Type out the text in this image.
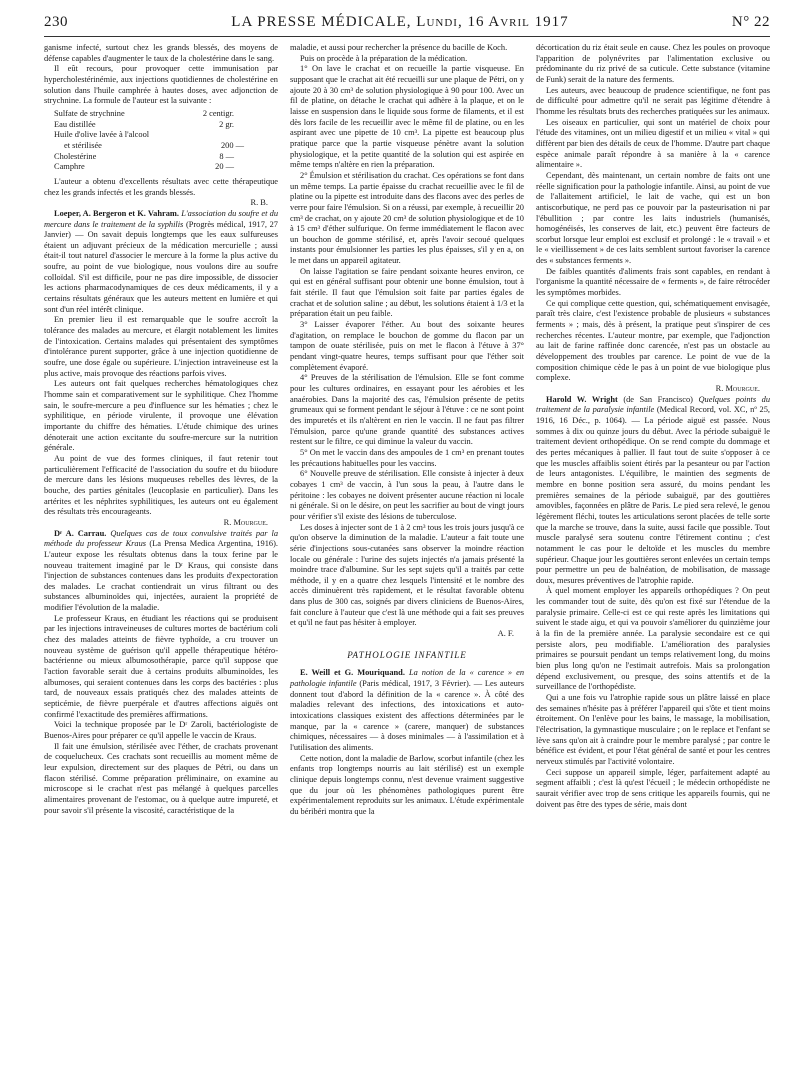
230	LA PRESSE MÉDICALE, Lundi, 16 Avril 1917	N° 22

ganisme infecté, surtout chez les grands blessés, des moyens de défense capables d'augmenter le taux de la cholestérine dans le sang.

Il eût recours, pour provoquer cette immunisation par hypercholestérinémie, aux injections quotidiennes de cholestérine en solution dans l'huile camphrée à hautes doses, avec adjonction de strychnine. La formule de l'auteur est la suivante :

Sulfate de strychnine	2 centigr.
Eau distillée	2 gr.
Huile d'olive lavée à l'alcool
et stérilisée	200 —
Cholestérine	8 —
Camphre	20 —

L'auteur a obtenu d'excellents résultats avec cette thérapeutique chez les grands infectés et les grands blessés.

R. B.

Loeper, A. Bergeron et K. Vahram. L'association du soufre et du mercure dans le traitement de la syphilis (Progrès médical, 1917, 27 Janvier) — On savait depuis longtemps que les eaux sulfureuses étaient un adjuvant précieux de la médication mercurielle ; aussi était-il tout naturel d'associer le mercure à la forme la plus active du soufre, au point de vue biologique, nous voulons dire au soufre colloïdal. S'il est difficile, pour ne pas dire impossible, de dissocier les actions pharmacodynamiques de ces deux médicaments, il y a certains résultats généraux que les auteurs mettent en lumière et qui sont d'un réel intérêt clinique.

En premier lieu il est remarquable que le soufre accroît la tolérance des malades au mercure, et élargit notablement les limites de l'intoxication. Certains malades qui présentaient des symptômes d'intolérance purent supporter, grâce à une injection quotidienne de soufre, une dose égale ou supérieure. L'injection intraveineuse est la plus active, mais provoque des réactions parfois vives.

Les auteurs ont fait quelques recherches hématologiques chez l'homme sain et comparativement sur le syphilitique. Chez l'homme sain, le soufre-mercure a peu d'influence sur les hématies ; chez le syphilitique, en période virulente, il provoque une élévation importante du chiffre des hématies. L'étude chimique des urines dénoterait une action excitante du soufre-mercure sur la nutrition générale.

Au point de vue des formes cliniques, il faut retenir tout particulièrement l'efficacité de l'association du soufre et du biiodure de mercure dans les lésions muqueuses rebelles des lèvres, de la bouche, des parties génitales (leucoplasie en particulier). Dans les artérites et les néphrites syphilitiques, les auteurs ont eu également des résultats très encourageants.

R. Mourgue.

Dʳ A. Carrau. Quelques cas de toux convulsive traités par la méthode du professeur Kraus (La Prensa Medica Argentina, 1916). L'auteur expose les résultats obtenus dans la toux ferine par le nouveau traitement imaginé par le Dʳ Kraus, qui consiste dans l'injection de substances contenues dans les produits d'expectoration des malades. Le crachat contiendrait un virus filtrant ou des substances albuminoïdes qui, injectées, auraient la propriété de modifier l'évolution de la maladie.

Le professeur Kraus, en étudiant les réactions qui se produisent par les injections intraveineuses de cultures mortes de bactérium coli chez des malades atteints de fièvre typhoïde, a cru trouver un nouveau système de guérison qu'il appelle thérapeutique hétéro-bactérienne ou mieux albumosothérapie, parce qu'il suppose que l'action favorable serait due à certains produits albuminoïdes, les albumoses, qui seraient contenues dans les corps des bactéries : plus tard, de nouveaux essais pratiqués chez des malades atteints de septicémie, de fièvre puerpérale et d'autres affections aiguës ont confirmé l'exactitude des premières affirmations.

Voici la technique proposée par le Dʳ Zaroli, bactériologiste de Buenos-Aires pour préparer ce qu'il appelle le vaccin de Kraus.

Il fait une émulsion, stérilisée avec l'éther, de crachats provenant de coquelucheux. Ces crachats sont recueillis au moment même de leur expulsion, directement sur des plaques de Pétri, ou dans un flacon stérilisé. Comme préparation préliminaire, on examine au microscope si le crachat n'est pas mélangé à quelques parcelles alimentaires provenant de l'estomac, ou à quelque autre impureté, et pour savoir s'il présente la viscosité, caractéristique de la

maladie, et aussi pour rechercher la présence du bacille de Koch.

Puis on procède à la préparation de la médication.

1° On lave le crachat et on recueille la partie visqueuse. En supposant que le crachat ait été recueilli sur une plaque de Pétri, on y ajoute 20 à 30 cm³ de solution physiologique à 90 pour 100. Avec un fil de platine, on détache le crachat qui adhère à la plaque, et on le laisse en suspension dans le liquide sous forme de filaments, et il est dès lors facile de les recueillir avec le même fil de platine, ou en les aspirant avec une pipette de 10 cm³. La pipette est beaucoup plus pratique parce que la partie visqueuse pénètre avant la solution physiologique, et la petite quantité de la solution qui est aspirée en même temps n'altère en rien la préparation.

2° Émulsion et stérilisation du crachat. Ces opérations se font dans un même temps. La partie épaisse du crachat recueillie avec le fil de platine ou la pipette est introduite dans des flacons avec des perles de verre pour faire l'émulsion. Si on a réussi, par exemple, à recueillir 20 cm³ de crachat, on y ajoute 20 cm³ de solution physiologique et de 10 à 15 cm³ d'éther sulfurique. On ferme immédiatement le flacon avec un bouchon de gomme stérilisé, et, après l'avoir secoué quelques instants pour émulsionner les parties les plus épaisses, s'il y en a, on le met dans un appareil agitateur.

On laisse l'agitation se faire pendant soixante heures environ, ce qui est en général suffisant pour obtenir une bonne émulsion, tout à fait stérile. Il faut que l'émulsion soit faite par parties égales de crachat et de solution saline ; au début, les solutions étaient à 1/3 et la préparation était un peu faible.

3° Laisser évaporer l'éther. Au bout des soixante heures d'agitation, on remplace le bouchon de gomme du flacon par un tampon de ouate stérilisée, puis on met le flacon à l'étuve à 37° pendant vingt-quatre heures, temps suffisant pour que l'éther soit complètement évaporé.

4° Preuves de la stérilisation de l'émulsion. Elle se font comme pour les cultures ordinaires, en essayant pour les aérobies et les anaérobies. Dans la majorité des cas, l'émulsion présente de petits grumeaux qui se forment pendant le séjour à l'étuve : ce ne sont point des impuretés et ils n'altèrent en rien le vaccin. Il ne faut pas filtrer l'émulsion, parce qu'une grande quantité des substances actives restent sur le filtre, ce qui diminue la valeur du vaccin.

5° On met le vaccin dans des ampoules de 1 cm³ en prenant toutes les précautions habituelles pour les vaccins.

6° Nouvelle preuve de stérilisation. Elle consiste à injecter à deux cobayes 1 cm³ de vaccin, à l'un sous la peau, à l'autre dans le péritoine : les cobayes ne doivent présenter aucune réaction ni locale ni générale. Si on le désire, on peut les sacrifier au bout de vingt jours pour vérifier s'il existe des lésions de tuberculose.

Les doses à injecter sont de 1 à 2 cm³ tous les trois jours jusqu'à ce qu'on observe la diminution de la maladie. L'auteur a fait toute une série d'injections sous-cutanées sans observer la moindre réaction locale ou générale : l'urine des sujets injectés n'a jamais présenté la moindre trace d'albumine. Sur les sept sujets qu'il a traités par cette méthode, il y en a quatre chez lesquels l'intensité et le nombre des accès diminuèrent très rapidement, et le résultat favorable obtenu dans plus de 300 cas, soignés par divers cliniciens de Buenos-Aires, fait conclure à l'auteur que c'est là une méthode qui a fait ses preuves et qu'il ne faut pas hésiter à employer.

A. F.
PATHOLOGIE INFANTILE

E. Weill et G. Mouriquand. La notion de la « carence » en pathologie infantile (Paris médical, 1917, 3 Février). — Les auteurs donnent tout d'abord la définition de la « carence ». À côté des maladies relevant des infections, des intoxications et auto-intoxications classiques existent des affections déterminées par le manque, par la « carence » (carere, manquer) de substances chimiques, nécessaires — à doses minimales — à l'assimilation et à l'utilisation des aliments.

Cette notion, dont la maladie de Barlow, scorbut infantile (chez les enfants trop longtemps nourris au lait stérilisé) est un exemple clinique depuis longtemps connu, n'est devenue vraiment suggestive que du jour où les phénomènes pathologiques purent être expérimentalement reproduits sur les animaux. L'étude expérimentale du béribéri montra que la

décortication du riz était seule en cause. Chez les poules on provoque l'apparition de polynévrites par l'alimentation exclusive ou prédominante du riz privé de sa cuticule. Cette substance (vitamine de Funk) serait de la nature des ferments.

Les auteurs, avec beaucoup de prudence scientifique, ne font pas de difficulté pour admettre qu'il ne serait pas légitime d'étendre à l'homme les résultats bruts des recherches pratiquées sur les animaux.

Les oiseaux en particulier, qui sont un matériel de choix pour l'étude des vitamines, ont un milieu digestif et un milieu « vital » qui diffèrent par bien des détails de ceux de l'homme. D'autre part chaque espèce animale paraît répondre à sa manière à la « carence alimentaire ».

Cependant, dès maintenant, un certain nombre de faits ont une réelle signification pour la pathologie infantile. Ainsi, au point de vue de l'allaitement artificiel, le lait de vache, qui est un bon antiscorbutique, ne perd pas ce pouvoir par la pasteurisation ni par l'ébullition ; par contre les laits industriels (humanisés, homogénéisés, les conserves de lait, etc.) peuvent être facteurs de scorbut lorsque leur emploi est exclusif et prolongé : le « travail » et le « vieillissement » de ces laits semblent surtout favoriser la carence des « substances ferments ».

De faibles quantités d'aliments frais sont capables, en rendant à l'organisme la quantité nécessaire de « ferments », de faire rétrocéder les symptômes morbides.

Ce qui complique cette question, qui, schématiquement envisagée, paraît très claire, c'est l'existence probable de plusieurs « substances ferments » ; mais, dès à présent, la pratique peut s'inspirer de ces recherches récentes. L'auteur montre, par exemple, que l'adjonction au lait de farine raffinée donc carencée, n'est pas un obstacle au développement des troubles par carence. Le point de vue de la composition chimique cède le pas à un point de vue biologique plus complexe.

R. Mourgue.

Harold W. Wright (de San Francisco) Quelques points du traitement de la paralysie infantile (Medical Record, vol. XC, nº 25, 1916, 16 Déc., p. 1064). — La période aiguë est passée. Nous sommes à dix ou quinze jours du début. Avec la période subaiguë le traitement devient orthopédique. On se rend compte du dommage et des pertes mécaniques à pallier. Il faut tout de suite s'opposer à ce que les muscles affaiblis soient étirés par la pesanteur ou par l'action de leurs antagonistes. L'équilibre, le maintien des segments de membre en bonne position sera assuré, du moins pendant les premières semaines de la période subaiguë, par des gouttières amovibles, façonnées en plâtre de Paris. Le pied sera relevé, le genou légèrement fléchi, toutes les articulations seront placées de telle sorte que la marche se trouve, dans la suite, aussi facile que possible. Tout muscle paralysé sera soutenu contre l'étirement continu ; c'est notamment le cas pour le deltoïde et les muscles du membre supérieur. Chaque jour les gouttières seront enlevées un certain temps pour permettre un peu de balnéation, de mobilisation, de massage doux, mesures préventives de l'atrophie rapide.

À quel moment employer les appareils orthopédiques ? On peut les commander tout de suite, dès qu'on est fixé sur l'étendue de la paralysie primaire. Celle-ci est ce qui reste après les limitations qui suivent le stade aigu, et qui va pouvoir s'améliorer du quinzième jour à la fin de la première année. La paralysie secondaire est ce qui persiste alors, peu modifiable. L'amélioration des paralysies primaires se poursuit pendant un temps relativement long, du moins bien plus long qu'on ne l'estimait autrefois. Mais sa prolongation dépend exclusivement, ou presque, des soins attentifs et de la surveillance de l'orthopédiste.

Qui a une fois vu l'atrophie rapide sous un plâtre laissé en place des semaines n'hésite pas à préférer l'appareil qui s'ôte et tient moins étroitement. On l'enlève pour les bains, le massage, la mobilisation, l'électrisation, la gymnastique musculaire ; on le replace et l'enfant se lève sans qu'on ait à craindre pour le membre paralysé ; par contre le bénéfice est évident, et pour l'état général de santé et pour les centres nerveux stimulés par l'activité volontaire.

Ceci suppose un appareil simple, léger, parfaitement adapté au segment affaibli ; c'est là qu'est l'écueil ; le médecin orthopédiste ne saurait vérifier avec trop de sens critique les appareils fournis, qui ne doivent pas être des types de série, mais dont
